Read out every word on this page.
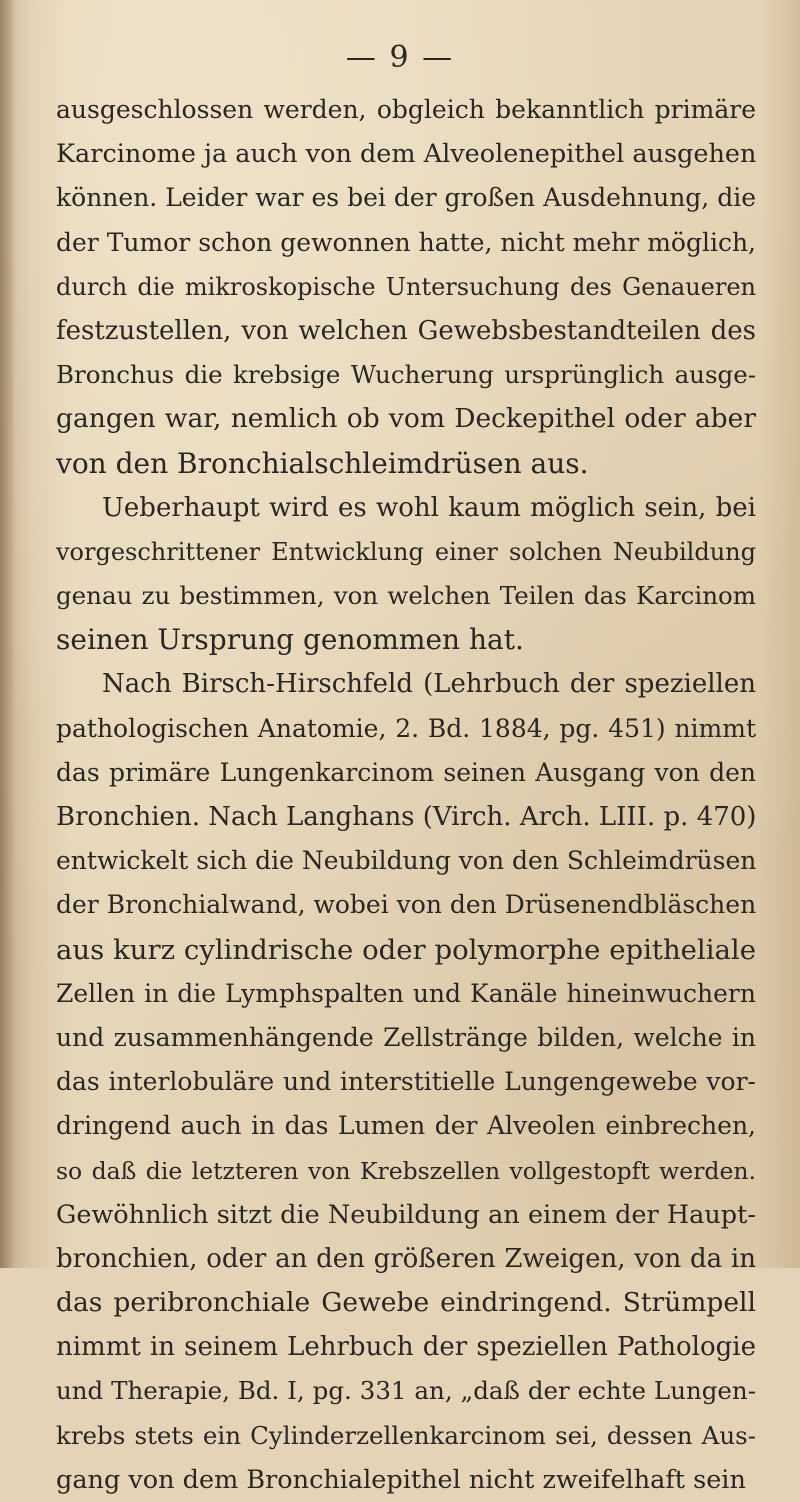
— 9 —
ausgeschlossen werden, obgleich bekanntlich primäre
Karcinome ja auch von dem Alveolenepithel ausgehen
können. Leider war es bei der großen Ausdehnung, die
der Tumor schon gewonnen hatte, nicht mehr möglich,
durch die mikroskopische Untersuchung des Genaueren
festzustellen, von welchen Gewebsbestandteilen des
Bronchus die krebsige Wucherung ursprünglich ausge-
gangen war, nemlich ob vom Deckepithel oder aber
von den Bronchialschleimdrüsen aus.
Ueberhaupt wird es wohl kaum möglich sein, bei
vorgeschrittener Entwicklung einer solchen Neubildung
genau zu bestimmen, von welchen Teilen das Karcinom
seinen Ursprung genommen hat.
Nach Birsch-Hirschfeld (Lehrbuch der speziellen
pathologischen Anatomie, 2. Bd. 1884, pg. 451) nimmt
das primäre Lungenkarcinom seinen Ausgang von den
Bronchien. Nach Langhans (Virch. Arch. LIII. p. 470)
entwickelt sich die Neubildung von den Schleimdrüsen
der Bronchialwand, wobei von den Drüsenendbläschen
aus kurz cylindrische oder polymorphe epitheliale
Zellen in die Lymphspalten und Kanäle hineinwuchern
und zusammenhängende Zellstränge bilden, welche in
das interlobuläre und interstitielle Lungengewebe vor-
dringend auch in das Lumen der Alveolen einbrechen,
so daß die letzteren von Krebszellen vollgestopft werden.
Gewöhnlich sitzt die Neubildung an einem der Haupt-
bronchien, oder an den größeren Zweigen, von da in
das peribronchiale Gewebe eindringend. Strümpell
nimmt in seinem Lehrbuch der speziellen Pathologie
und Therapie, Bd. I, pg. 331 an, „daß der echte Lungen-
krebs stets ein Cylinderzellenkarcinom sei, dessen Aus-
gang von dem Bronchialepithel nicht zweifelhaft sein
